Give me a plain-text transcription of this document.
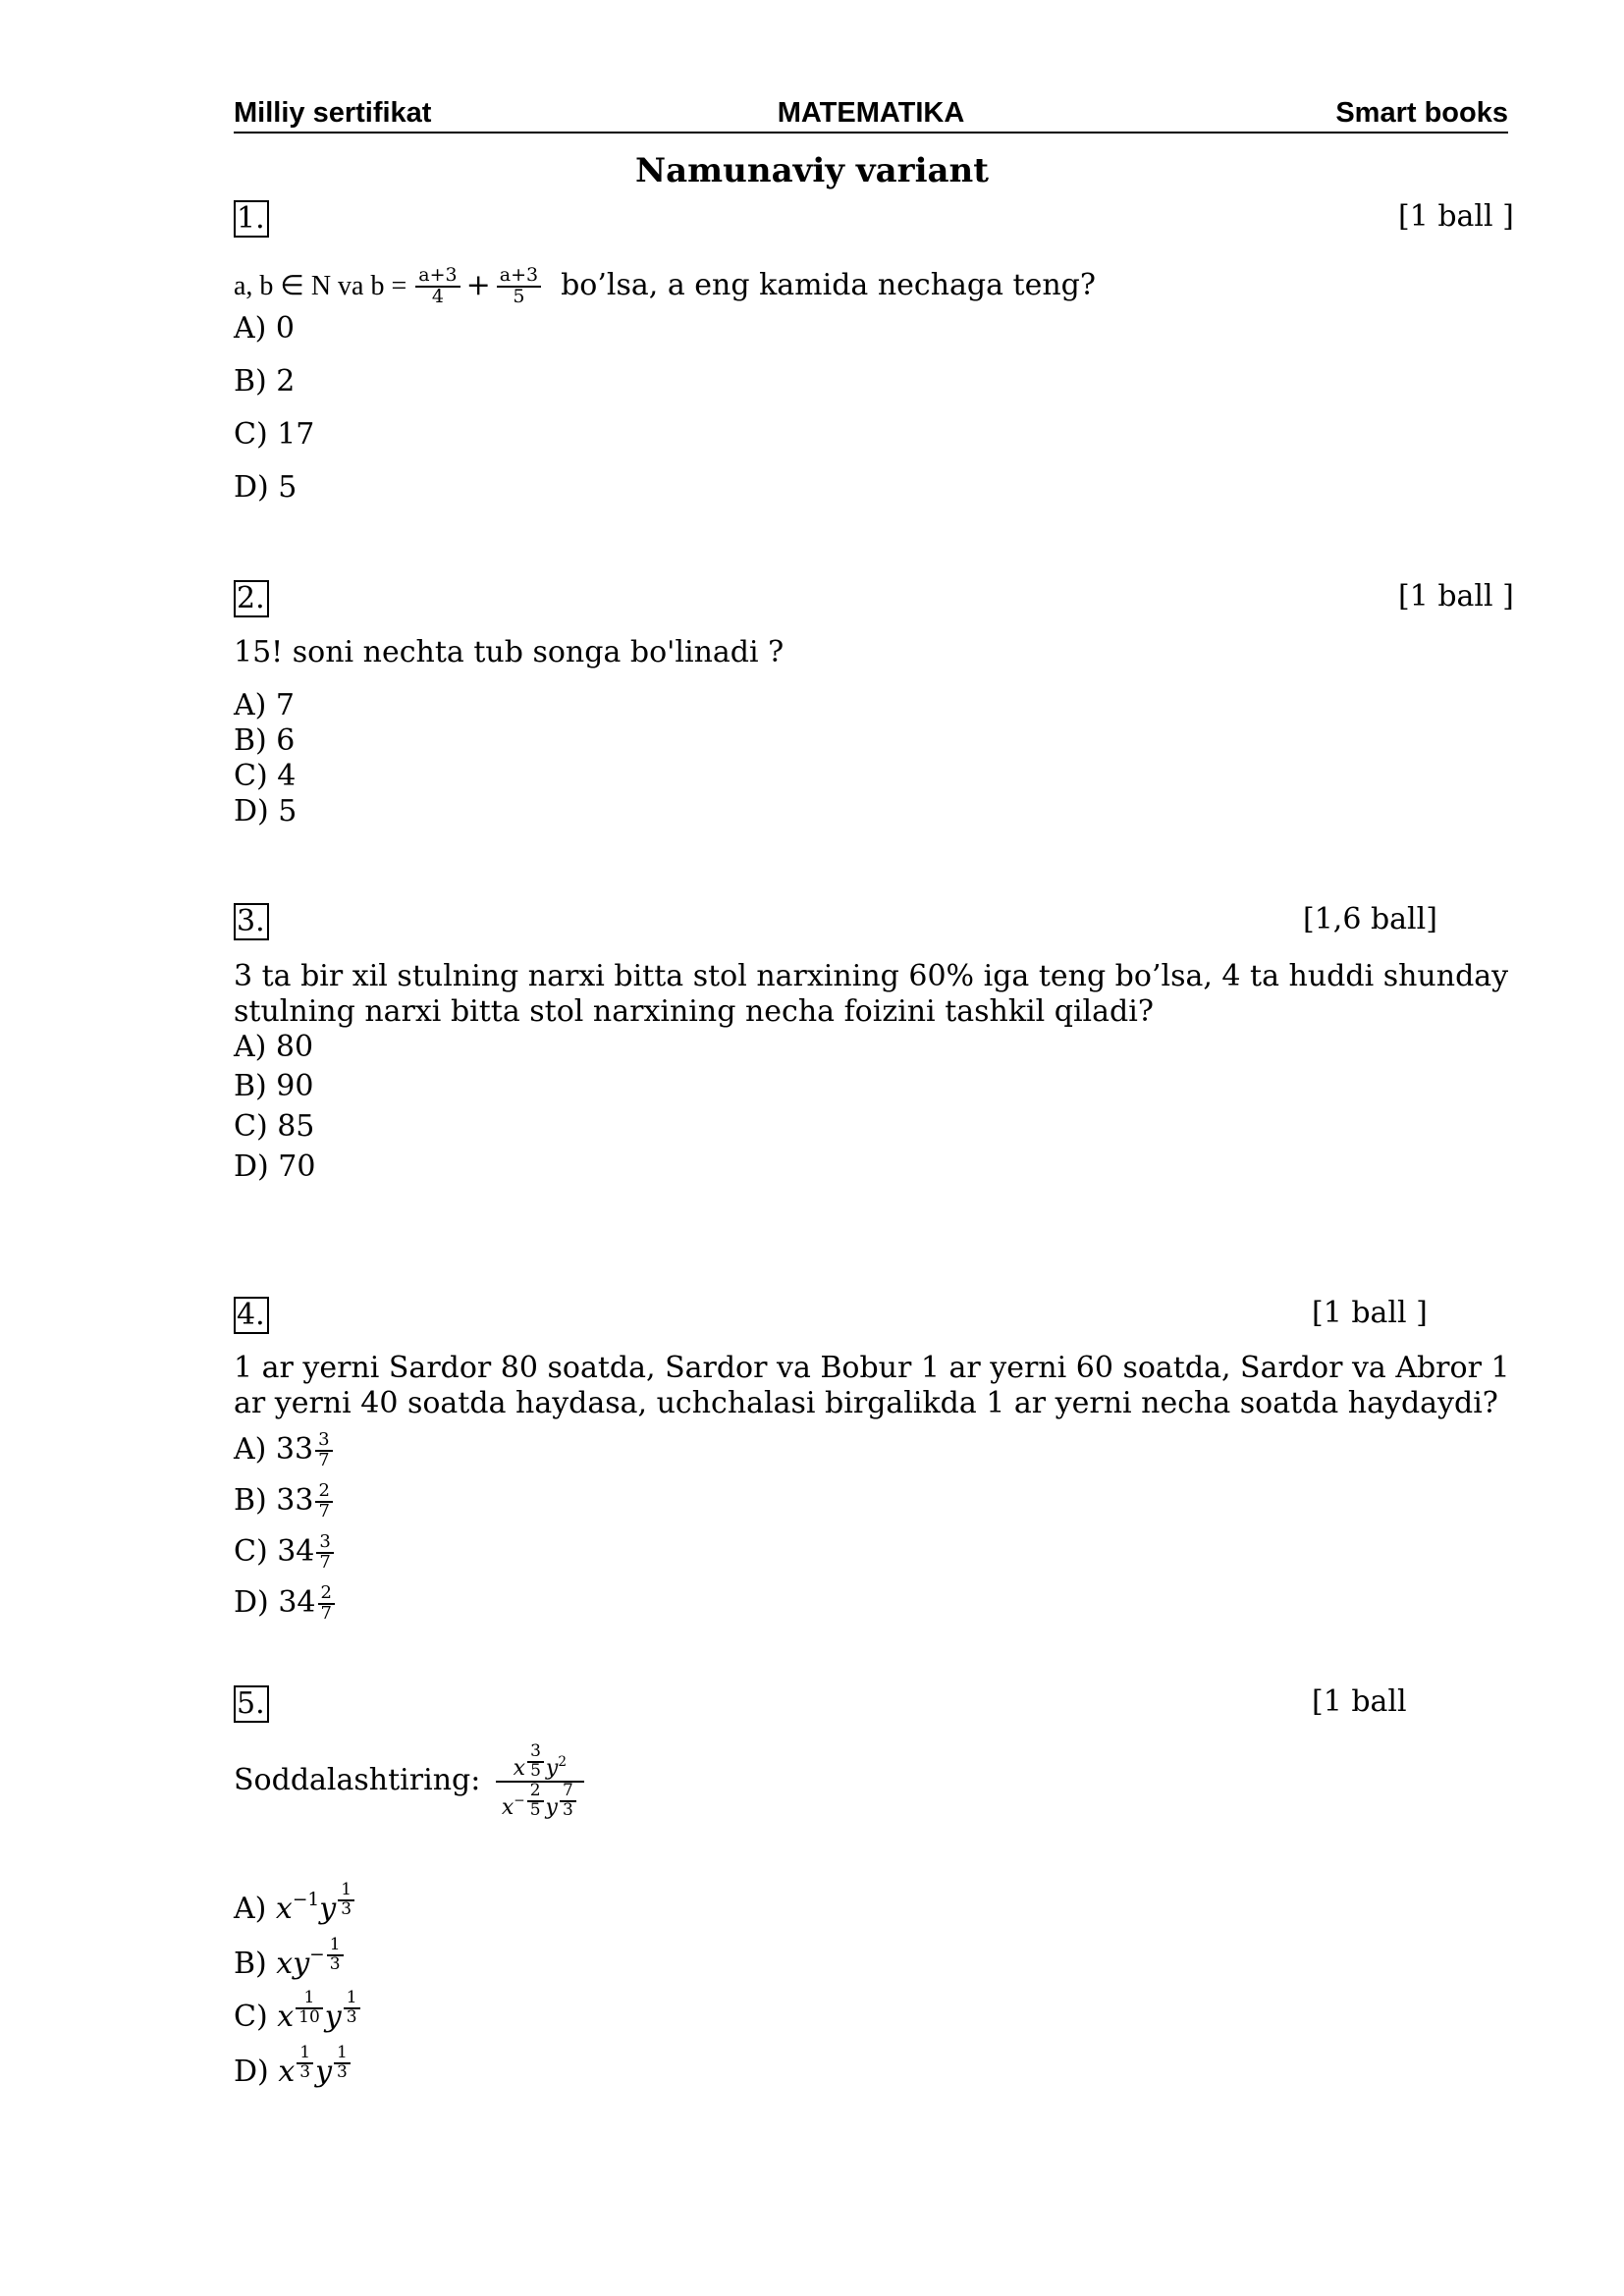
Milliy sertifikat	MATEMATIKA	Smart books
Namunaviy variant
1.	[1 ball ]
a, b ∈ N va $b = \frac{a+3}{4} + \frac{a+3}{5}$ bo’lsa, a eng kamida nechaga teng?
A) 0
B) 2
C) 17
D) 5
2.	[1 ball ]
15! soni nechta tub songa bo'linadi ?
A) 7
B) 6
C) 4
D) 5
3.	[1,6 ball]
3 ta bir xil stulning narxi bitta stol narxining 60% iga teng bo’lsa, 4 ta huddi shunday
stulning narxi bitta stol narxining necha foizini tashkil qiladi?
A) 80
B) 90
C) 85
D) 70
4.	[1 ball ]
1 ar yerni Sardor 80 soatda, Sardor va Bobur 1 ar yerni 60 soatda, Sardor va Abror 1
ar yerni 40 soatda haydasa, uchchalasi birgalikda 1 ar yerni necha soatda haydaydi?
A) $33 \frac{3}{7}$
B) $33 \frac{2}{7}$
C) $34 \frac{3}{7}$
D) $34 \frac{2}{7}$
5.	[1 ball
Soddalashtiring: $\frac{x \frac{3}{5} y2}{x- \frac{2}{5} y \frac{7}{3}}$
A) $x-1y \frac{1}{3}$
B) $xy- \frac{1}{3}$
C) x $\frac{1}{10}$ y $\frac{1}{3}$
D) x $\frac{1}{3}$ y $\frac{1}{3}$
